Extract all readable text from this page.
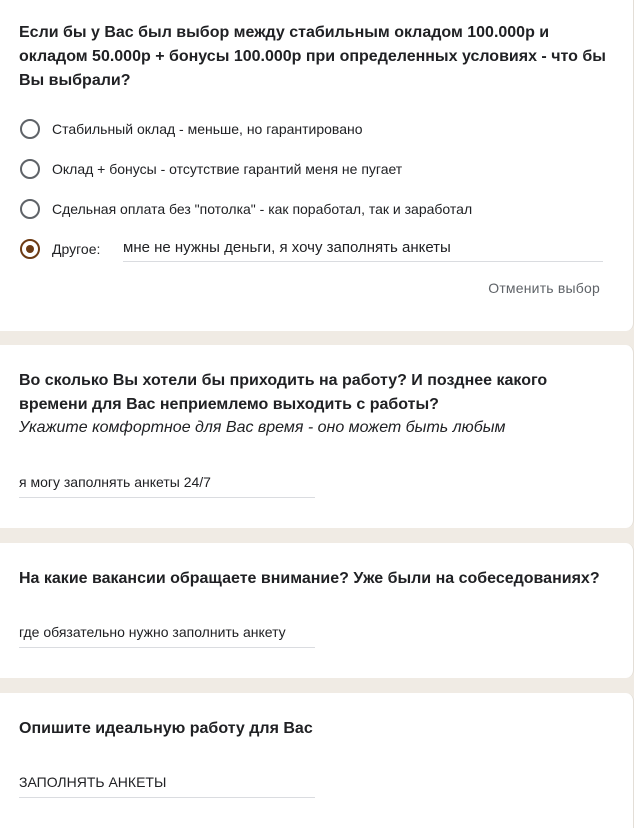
Если бы у Вас был выбор между стабильным окладом 100.000р и окладом 50.000р + бонусы 100.000р при определенных условиях - что бы Вы выбрали?
Стабильный оклад - меньше, но гарантировано
Оклад + бонусы - отсутствие гарантий меня не пугает
Сдельная оплата без "потолка" - как поработал, так и заработал
Другое: мне не нужны деньги, я хочу заполнять анкеты
Отменить выбор
Во сколько Вы хотели бы приходить на работу? И позднее какого времени для Вас неприемлемо выходить с работы?
Укажите комфортное для Вас время - оно может быть любым
я могу заполнять анкеты 24/7
На какие вакансии обращаете внимание? Уже были на собеседованиях?
где обязательно нужно заполнить анкету
Опишите идеальную работу для Вас
ЗАПОЛНЯТЬ АНКЕТЫ
